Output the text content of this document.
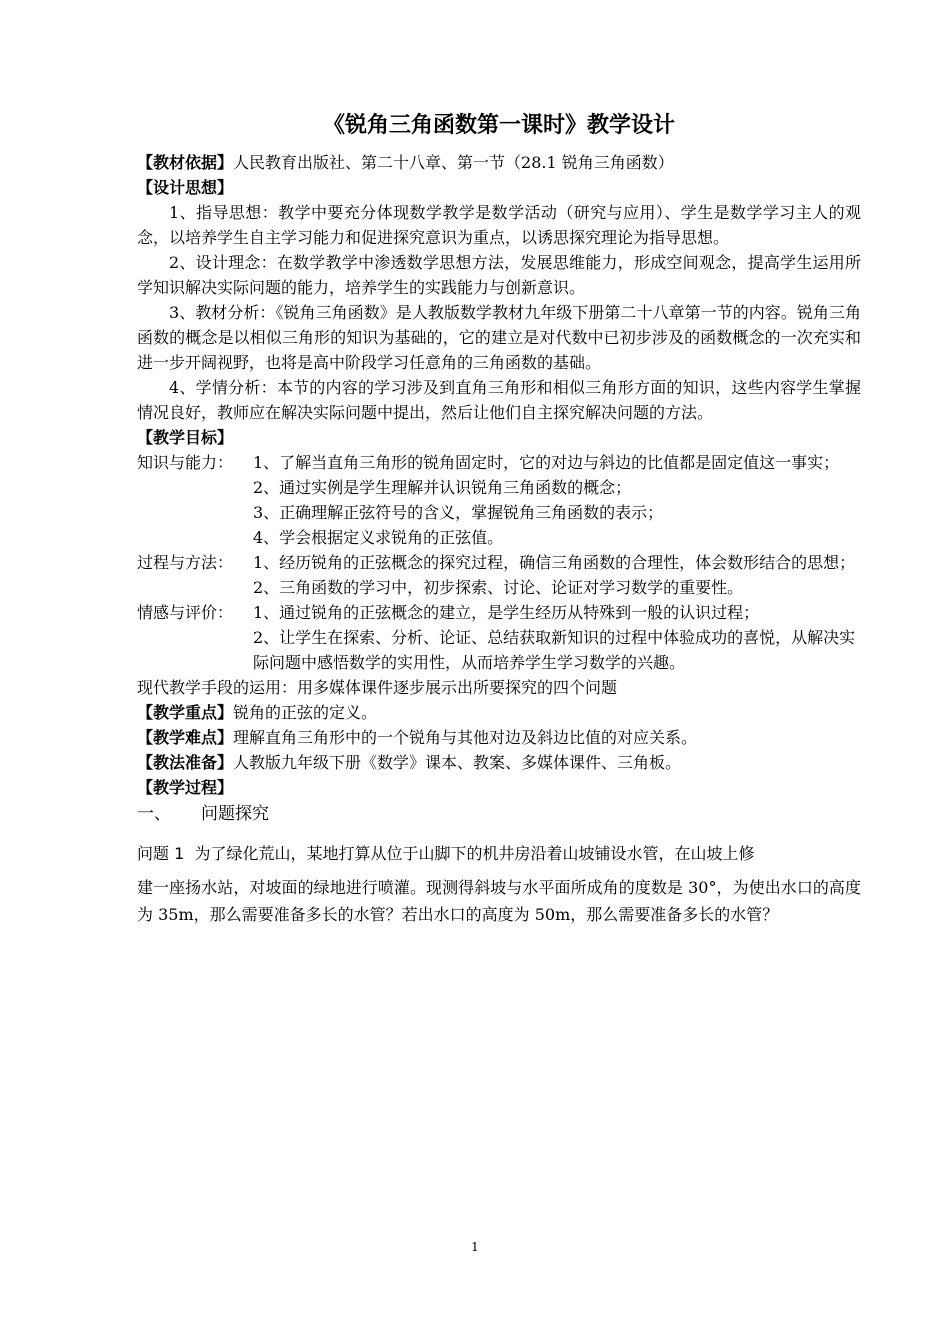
《锐角三角函数第一课时》教学设计
【教材依据】人民教育出版社、第二十八章、第一节（28.1 锐角三角函数）
【设计思想】

1、指导思想：教学中要充分体现数学教学是数学活动（研究与应用）、学生是数学学习主人的观念，以培养学生自主学习能力和促进探究意识为重点，以诱思探究理论为指导思想。

2、设计理念：在数学教学中渗透数学思想方法，发展思维能力，形成空间观念，提高学生运用所学知识解决实际问题的能力，培养学生的实践能力与创新意识。

3、教材分析：《锐角三角函数》是人教版数学教材九年级下册第二十八章第一节的内容。锐角三角函数的概念是以相似三角形的知识为基础的，它的建立是对代数中已初步涉及的函数概念的一次充实和进一步开阔视野，也将是高中阶段学习任意角的三角函数的基础。

4、学情分析：本节的内容的学习涉及到直角三角形和相似三角形方面的知识，这些内容学生掌握情况良好，教师应在解决实际问题中提出，然后让他们自主探究解决问题的方法。

【教学目标】
知识与能力：	1、了解当直角三角形的锐角固定时，它的对边与斜边的比值都是固定值这一事实；
2、通过实例是学生理解并认识锐角三角函数的概念；
3、正确理解正弦符号的含义，掌握锐角三角函数的表示；
4、学会根据定义求锐角的正弦值。
过程与方法：	1、经历锐角的正弦概念的探究过程，确信三角函数的合理性，体会数形结合的思想；
2、三角函数的学习中，初步探索、讨论、论证对学习数学的重要性。
情感与评价：	1、通过锐角的正弦概念的建立，是学生经历从特殊到一般的认识过程；
2、让学生在探索、分析、论证、总结获取新知识的过程中体验成功的喜悦，从解决实际问题中感悟数学的实用性，从而培养学生学习数学的兴趣。
现代教学手段的运用：用多媒体课件逐步展示出所要探究的四个问题
【教学重点】锐角的正弦的定义。
【教学难点】理解直角三角形中的一个锐角与其他对边及斜边比值的对应关系。
【教法准备】人教版九年级下册《数学》课本、教案、多媒体课件、三角板。
【教学过程】
一、	问题探究
问题 1 为了绿化荒山，某地打算从位于山脚下的机井房沿着山坡铺设水管，在山坡上修
建一座扬水站，对坡面的绿地进行喷灌。现测得斜坡与水平面所成角的度数是 30°，为使出水口的高度为 35m，那么需要准备多长的水管？若出水口的高度为 50m，那么需要准备多长的水管？
1
